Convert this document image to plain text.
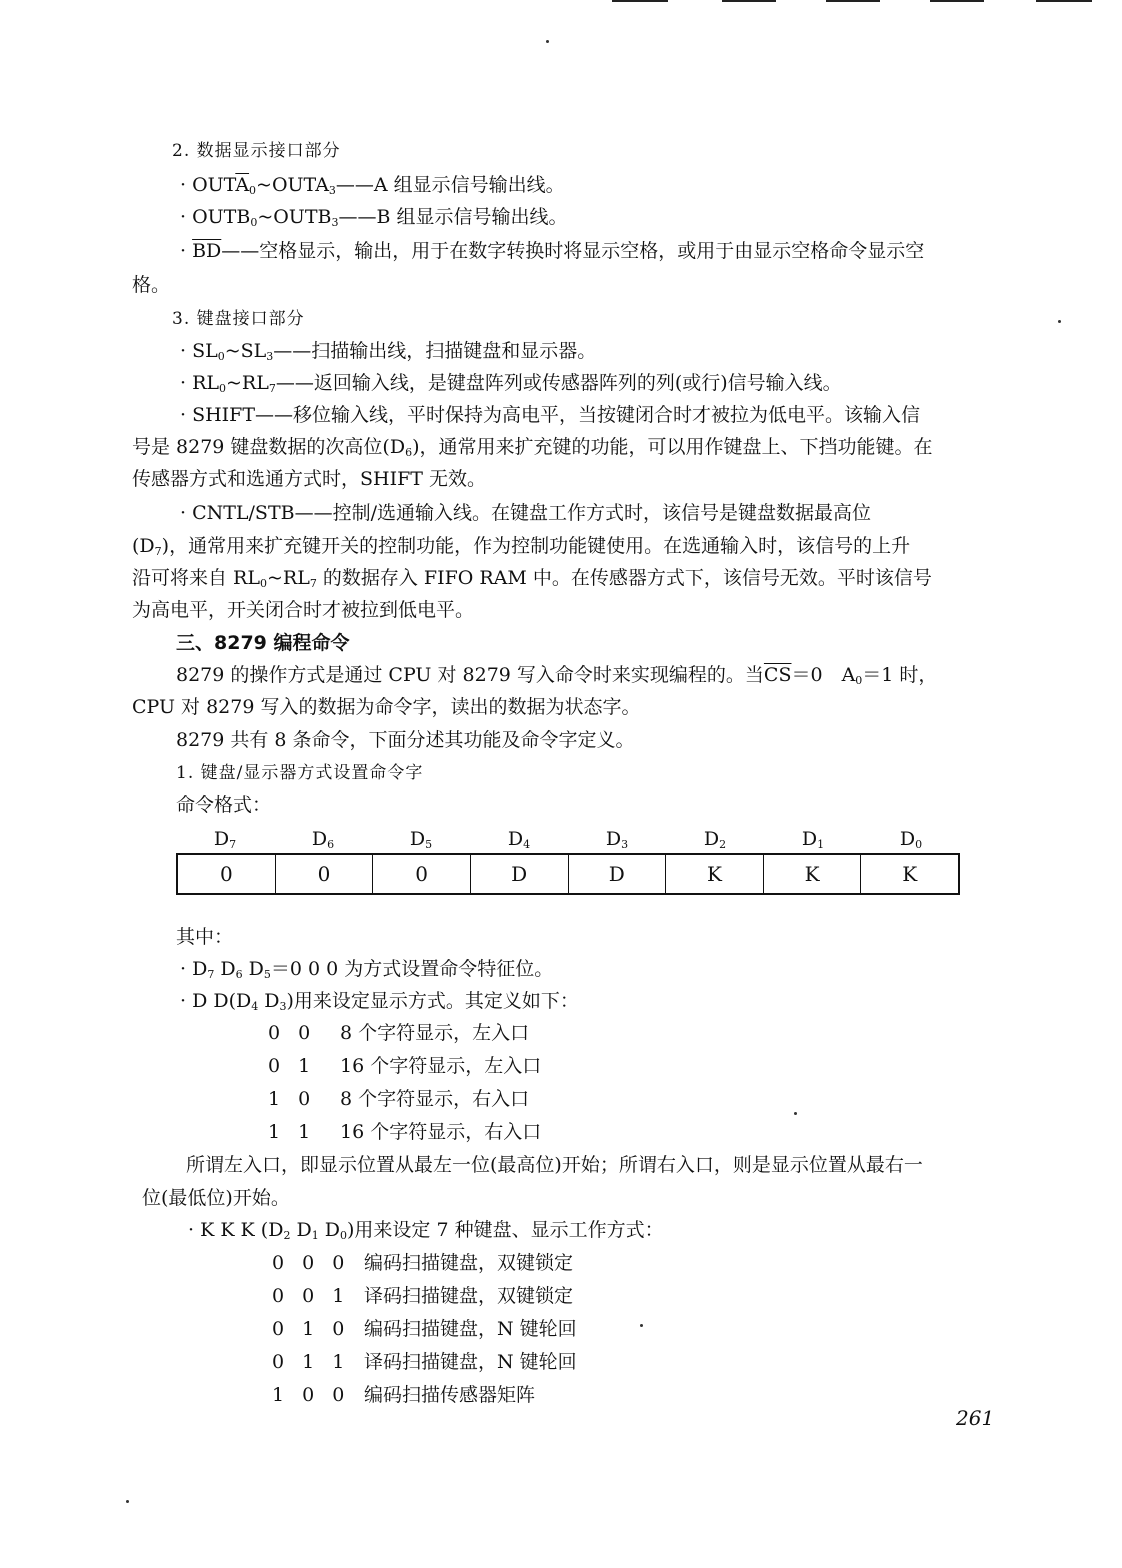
2. 数据显示接口部分
· $OUT\overline{A}_0\sim OUTA_3——A$ 组显示信号输出线。
· $OUTB_0\sim OUTB_3——B$ 组显示信号输出线。
· $\overline{BD}——$空格显示，输出，用于在数字转换时将显示空格，或用于由显示空格命令显示空
格。
3. 键盘接口部分
· $SL_0\sim SL_3——$扫描输出线，扫描键盘和显示器。
· $RL_0\sim RL_7——$返回输入线，是键盘阵列或传感器阵列的列(或行)信号输入线。
· SHIFT——移位输入线，平时保持为高电平，当按键闭合时才被拉为低电平。该输入信
号是 8279 键盘数据的次高位$(D_6)$，通常用来扩充键的功能，可以用作键盘上、下挡功能键。在
传感器方式和选通方式时，SHIFT 无效。
· CNTL/STB——控制/选通输入线。在键盘工作方式时，该信号是键盘数据最高位
$(D_7)$，通常用来扩充键开关的控制功能，作为控制功能键使用。在选通输入时，该信号的上升
沿可将来自 $RL_0\sim RL_7$ 的数据存入 FIFO RAM 中。在传感器方式下，该信号无效。平时该信号
为高电平，开关闭合时才被拉到低电平。
三、8279 编程命令
8279 的操作方式是通过 CPU 对 8279 写入命令时来实现编程的。当$\overline{CS}=0$　$A_0=1$ 时，
CPU 对 8279 写入的数据为命令字，读出的数据为状态字。
8279 共有 8 条命令，下面分述其功能及命令字定义。
1. 键盘/显示器方式设置命令字
命令格式：
$D_7$	$D_6$	$D_5$	$D_4$	$D_3$	$D_2$	$D_1$	$D_0$
0	0	0	D	D	K	K	K
其中：
· $D_7$ $D_6$ $D_5=0$ 0 0 为方式设置命令特征位。
· D $D(D_4$ $D_3$)用来设定显示方式。其定义如下：
0 0 8 个字符显示，左入口
0 1 16 个字符显示，左入口
1 0 8 个字符显示，右入口
1 1 16 个字符显示，右入口
所谓左入口，即显示位置从最左一位(最高位)开始；所谓右入口，则是显示位置从最右一
位(最低位)开始。
· K K K ($D_2$ $D_1$ $D_0$)用来设定 7 种键盘、显示工作方式：
0 0 0 编码扫描键盘，双键锁定
0 0 1 译码扫描键盘，双键锁定
0 1 0 编码扫描键盘，N 键轮回
0 1 1 译码扫描键盘，N 键轮回
1 0 0 编码扫描传感器矩阵
261
